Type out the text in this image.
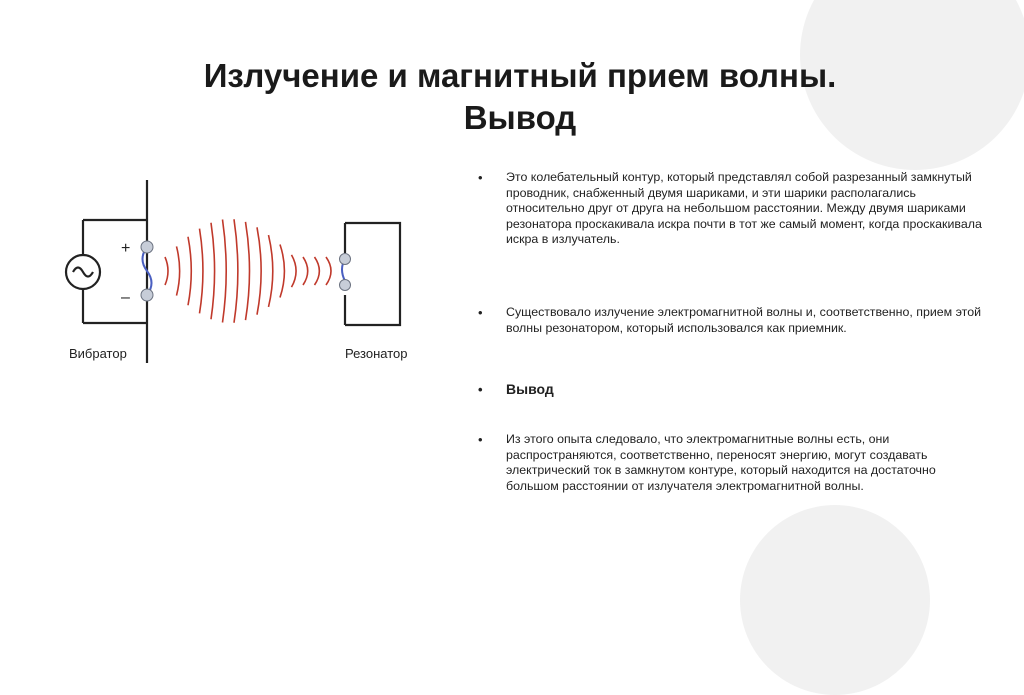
Излучение и магнитный прием волны.
Вывод
+
–
Вибратор	Резонатор
• Это колебательный контур, который представлял собой разрезанный замкнутый проводник, снабженный двумя шариками, и эти шарики располагались относительно друг от друга на небольшом расстоянии. Между двумя шариками резонатора проскакивала искра почти в тот же самый момент, когда проскакивала искра в излучатель.
• Существовало излучение электромагнитной волны и, соответственно, прием этой волны резонатором, который использовался как приемник.
• Вывод
• Из этого опыта следовало, что электромагнитные волны есть, они распространяются, соответственно, переносят энергию, могут создавать электрический ток в замкнутом контуре, который находится на достаточно большом расстоянии от излучателя электромагнитной волны.
